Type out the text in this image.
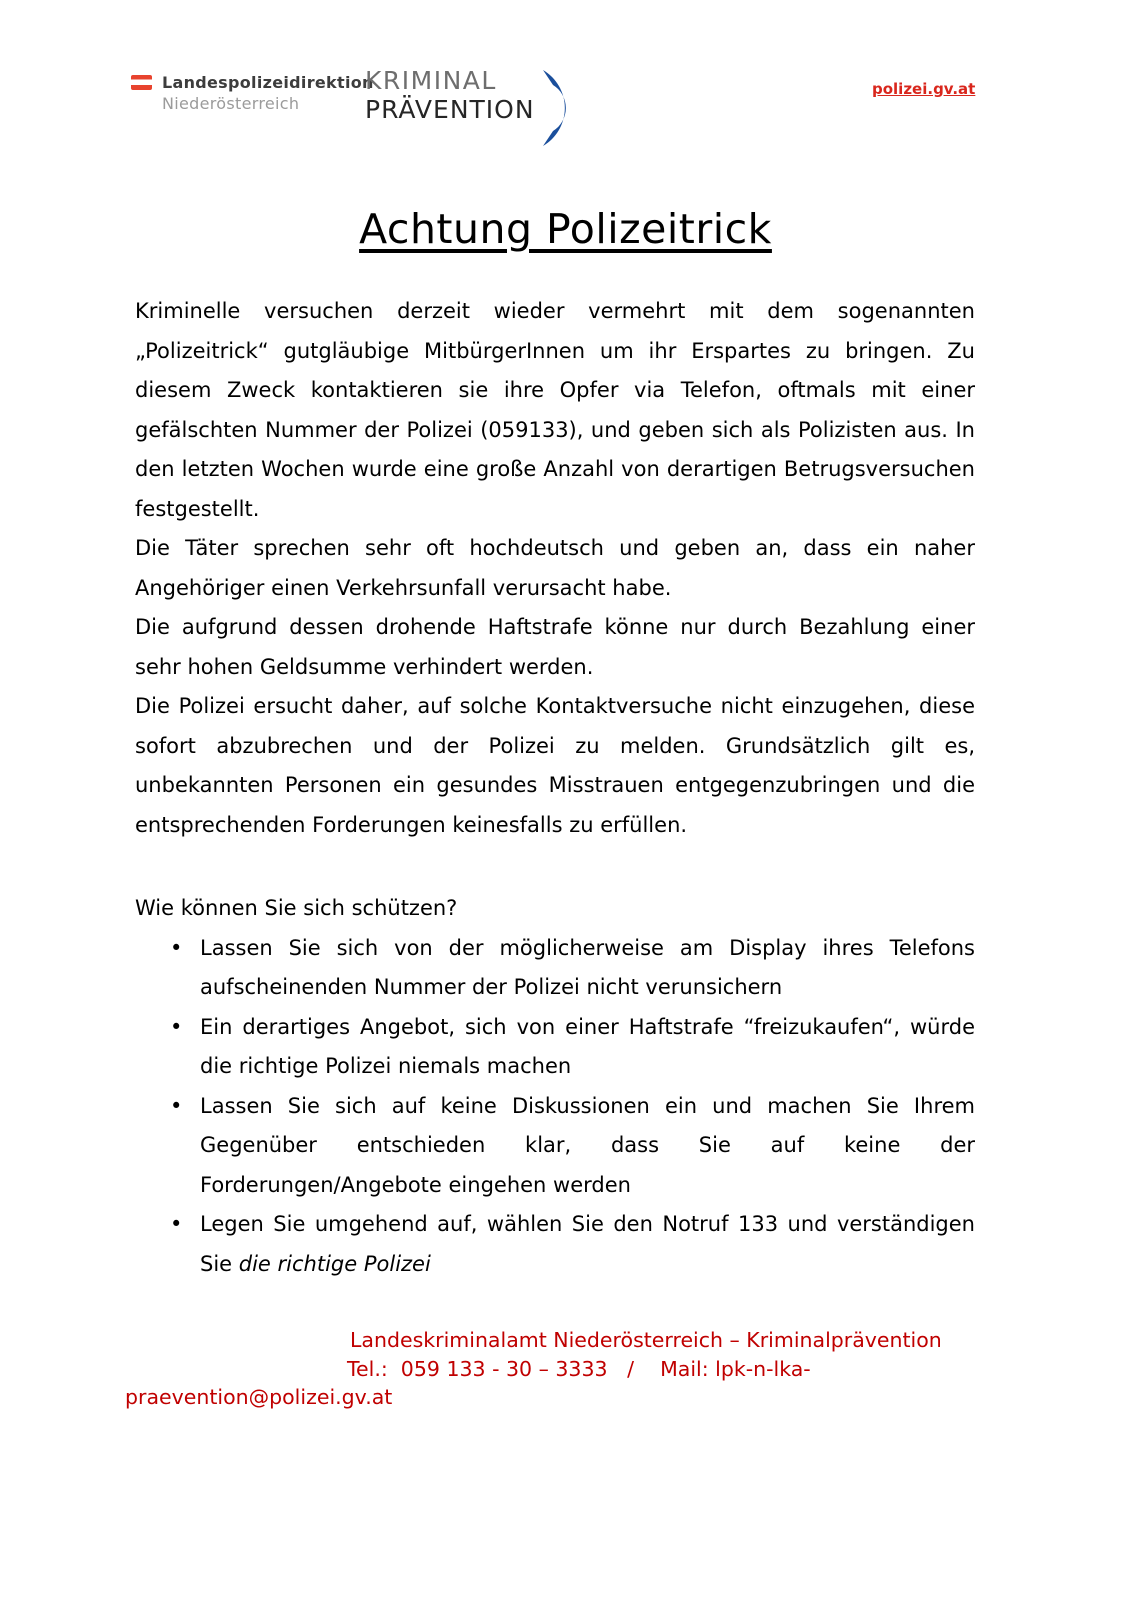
Landespolizeidirektion
Niederösterreich
KRIMINAL
PRÄVENTION
polizei.gv.at
Achtung Polizeitrick

Kriminelle versuchen derzeit wieder vermehrt mit dem sogenannten „Polizeitrick“ gutgläubige MitbürgerInnen um ihr Erspartes zu bringen. Zu diesem Zweck kontaktieren sie ihre Opfer via Telefon, oftmals mit einer gefälschten Nummer der Polizei (059133), und geben sich als Polizisten aus. In den letzten Wochen wurde eine große Anzahl von derartigen Betrugsversuchen festgestellt.

Die Täter sprechen sehr oft hochdeutsch und geben an, dass ein naher Angehöriger einen Verkehrsunfall verursacht habe.

Die aufgrund dessen drohende Haftstrafe könne nur durch Bezahlung einer sehr hohen Geldsumme verhindert werden.

Die Polizei ersucht daher, auf solche Kontaktversuche nicht einzugehen, diese sofort abzubrechen und der Polizei zu melden. Grundsätzlich gilt es, unbekannten Personen ein gesundes Misstrauen entgegenzubringen und die entsprechenden Forderungen keinesfalls zu erfüllen.

Wie können Sie sich schützen?

• Lassen Sie sich von der möglicherweise am Display ihres Telefons aufscheinenden Nummer der Polizei nicht verunsichern
• Ein derartiges Angebot, sich von einer Haftstrafe “freizukaufen“, würde die richtige Polizei niemals machen
• Lassen Sie sich auf keine Diskussionen ein und machen Sie Ihrem Gegenüber entschieden klar, dass Sie auf keine der Forderungen/Angebote eingehen werden
• Legen Sie umgehend auf, wählen Sie den Notruf 133 und verständigen Sie die richtige Polizei
Landeskriminalamt Niederösterreich – Kriminalprävention
Tel.:  059 133 - 30 – 3333   /    Mail: lpk-n-lka-
praevention@polizei.gv.at
